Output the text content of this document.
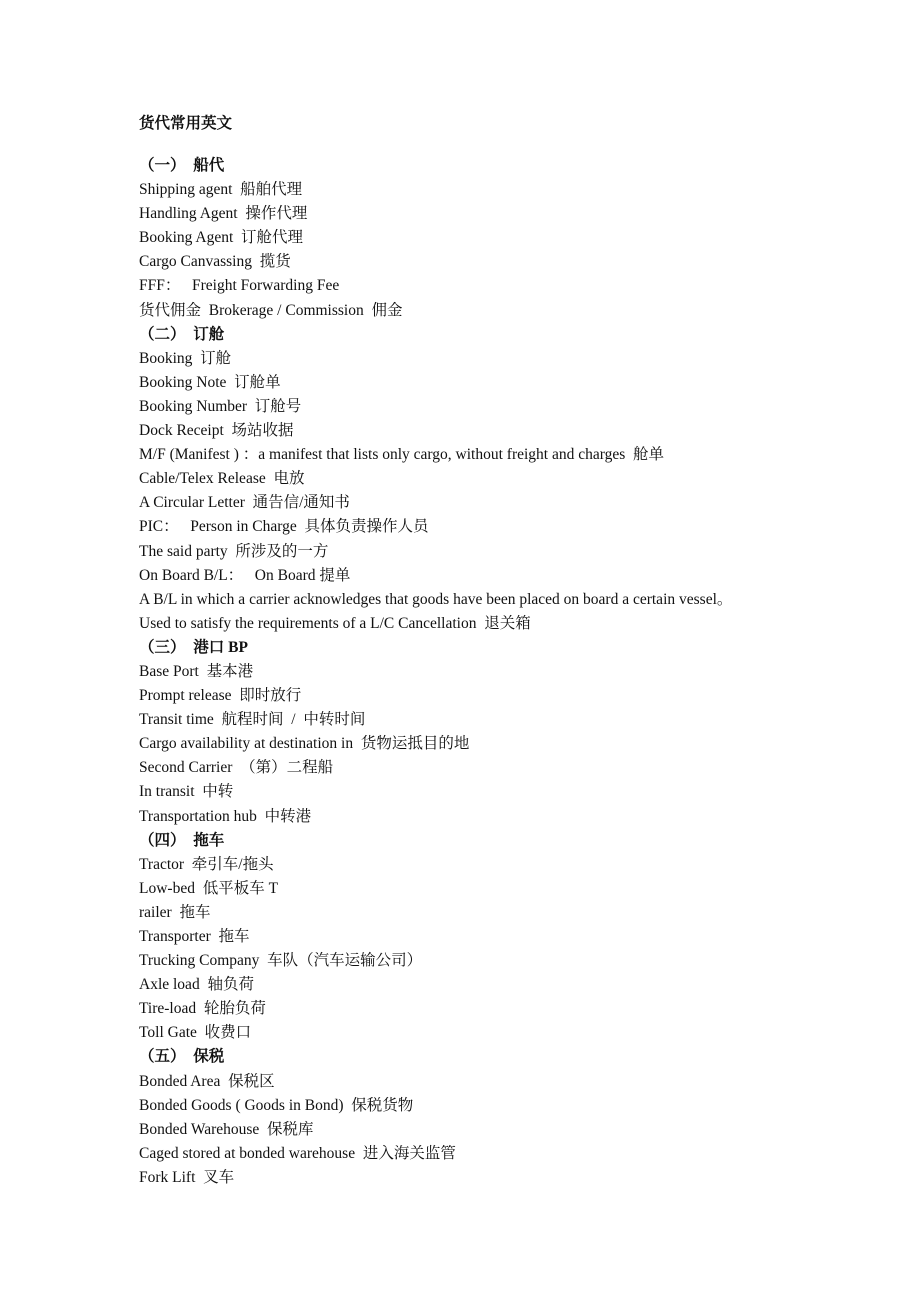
货代常用英文
（一）  船代
Shipping agent  船舶代理
Handling Agent  操作代理
Booking Agent  订舱代理
Cargo Canvassing  揽货
FFF：   Freight Forwarding Fee
货代佣金  Brokerage / Commission  佣金
（二）  订舱
Booking  订舱
Booking Note  订舱单
Booking Number  订舱号
Dock Receipt  场站收据
M/F (Manifest ) ：a manifest that lists only cargo, without freight and charges  舱单
Cable/Telex Release  电放
A Circular Letter  通告信/通知书
PIC：   Person in Charge  具体负责操作人员
The said party  所涉及的一方
On Board B/L：   On Board 提单
A B/L in which a carrier acknowledges that goods have been placed on board a certain vessel。
Used to satisfy the requirements of a L/C Cancellation  退关箱
（三）  港口 BP
Base Port  基本港
Prompt release  即时放行
Transit time  航程时间  /  中转时间
Cargo availability at destination in  货物运抵目的地
Second Carrier  （第）二程船
In transit  中转
Transportation hub  中转港
（四）  拖车
Tractor  牵引车/拖头
Low-bed  低平板车 T
railer  拖车
Transporter  拖车
Trucking Company  车队（汽车运输公司）
Axle load  轴负荷
Tire-load  轮胎负荷
Toll Gate  收费口
（五）  保税
Bonded Area  保税区
Bonded Goods ( Goods in Bond)  保税货物
Bonded Warehouse  保税库
Caged stored at bonded warehouse  进入海关监管
Fork Lift  叉车
